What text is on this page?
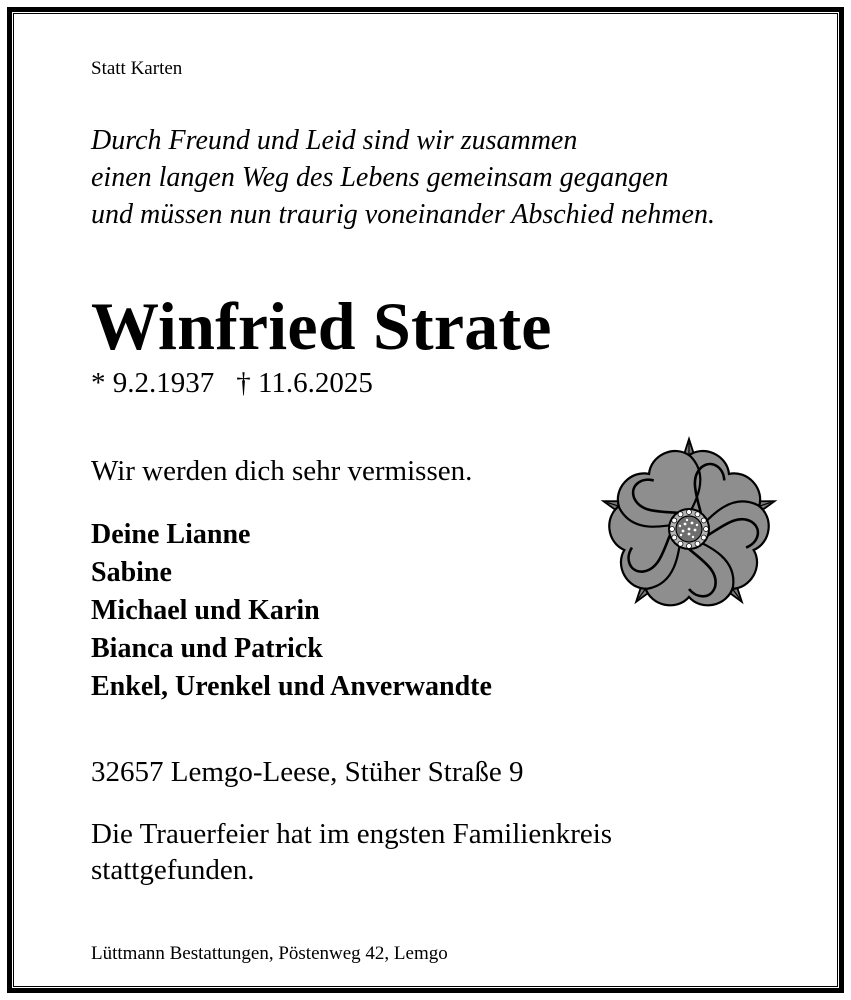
Statt Karten
Durch Freund und Leid sind wir zusammen
einen langen Weg des Lebens gemeinsam gegangen
und müssen nun traurig voneinander Abschied nehmen.
Winfried Strate
* 9.2.1937 † 11.6.2025
Wir werden dich sehr vermissen.
Deine Lianne
Sabine
Michael und Karin
Bianca und Patrick
Enkel, Urenkel und Anverwandte
32657 Lemgo-Leese, Stüher Straße 9
Die Trauerfeier hat im engsten Familienkreis
stattgefunden.
Lüttmann Bestattungen, Pöstenweg 42, Lemgo
